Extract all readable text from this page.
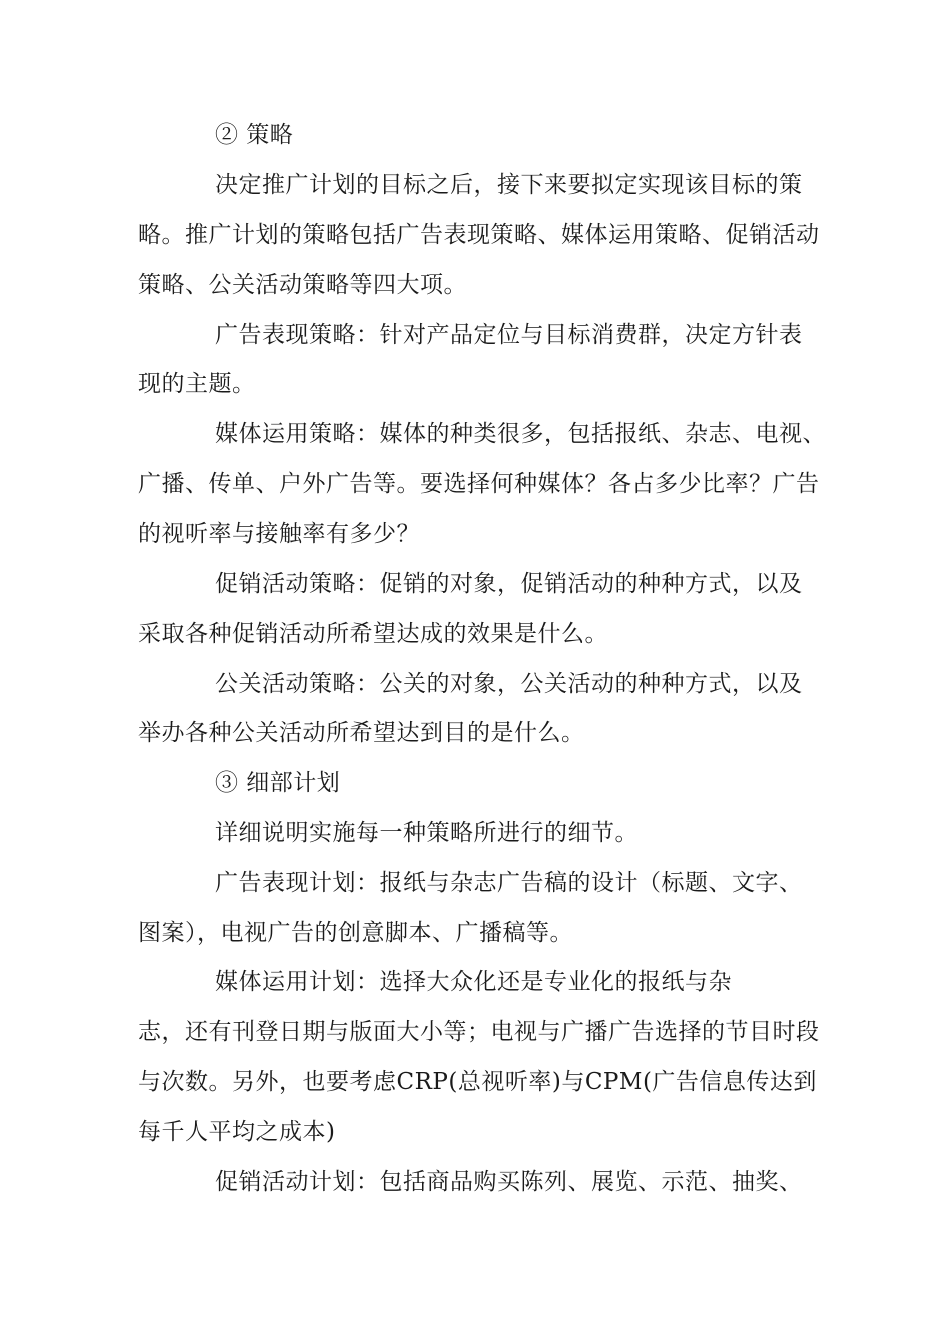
② 策略
决定推广计划的目标之后，接下来要拟定实现该目标的策
略。推广计划的策略包括广告表现策略、媒体运用策略、促销活动
策略、公关活动策略等四大项。
广告表现策略：针对产品定位与目标消费群，决定方针表
现的主题。
媒体运用策略：媒体的种类很多，包括报纸、杂志、电视、
广播、传单、户外广告等。要选择何种媒体？各占多少比率？广告
的视听率与接触率有多少？
促销活动策略：促销的对象，促销活动的种种方式，以及
采取各种促销活动所希望达成的效果是什么。
公关活动策略：公关的对象，公关活动的种种方式，以及
举办各种公关活动所希望达到目的是什么。
③ 细部计划
详细说明实施每一种策略所进行的细节。
广告表现计划：报纸与杂志广告稿的设计（标题、文字、
图案），电视广告的创意脚本、广播稿等。
媒体运用计划：选择大众化还是专业化的报纸与杂
志，还有刊登日期与版面大小等；电视与广播广告选择的节目时段
与次数。另外，也要考虑CRP(总视听率)与CPM(广告信息传达到
每千人平均之成本)
促销活动计划：包括商品购买陈列、展览、示范、抽奖、
